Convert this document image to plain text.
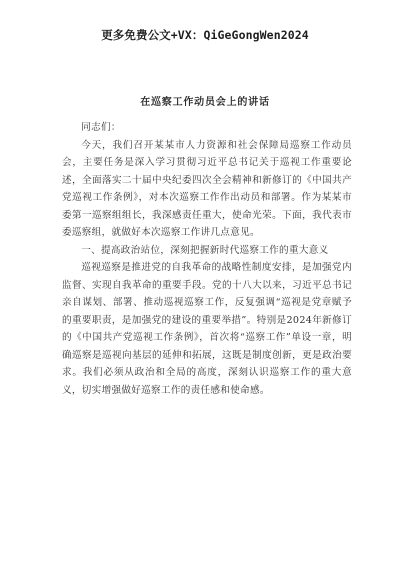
更多免费公文+VX：QiGeGongWen2024
在巡察工作动员会上的讲话

同志们：

今天，我们召开某某市人力资源和社会保障局巡察工作动员会，主要任务是深入学习贯彻习近平总书记关于巡视工作重要论述，全面落实二十届中央纪委四次全会精神和新修订的《中国共产党巡视工作条例》，对本次巡察工作作出动员和部署。作为某某市委第一巡察组组长，我深感责任重大，使命光荣。下面，我代表市委巡察组，就做好本次巡察工作讲几点意见。

一、提高政治站位，深刻把握新时代巡察工作的重大意义

巡视巡察是推进党的自我革命的战略性制度安排，是加强党内监督、实现自我革命的重要手段。党的十八大以来，习近平总书记亲自谋划、部署、推动巡视巡察工作，反复强调“巡视是党章赋予的重要职责，是加强党的建设的重要举措”。特别是2024年新修订的《中国共产党巡视工作条例》，首次将“巡察工作”单设一章，明确巡察是巡视向基层的延伸和拓展，这既是制度创新，更是政治要求。我们必须从政治和全局的高度，深刻认识巡察工作的重大意义，切实增强做好巡察工作的责任感和使命感。
